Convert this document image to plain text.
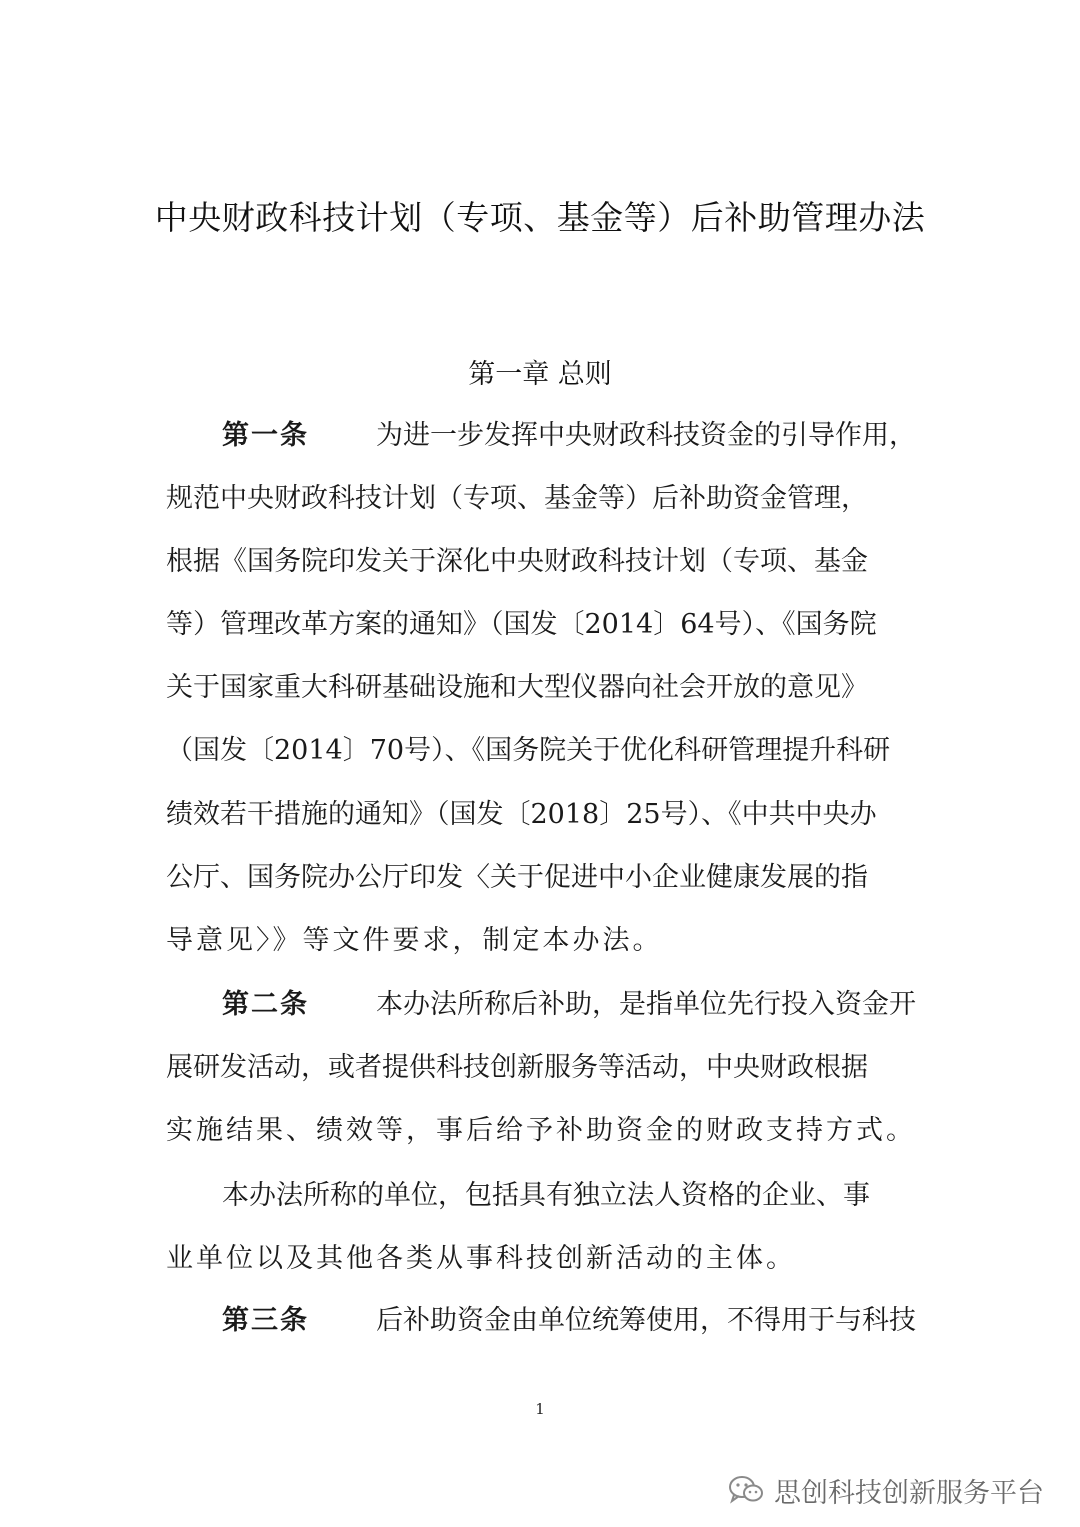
中央财政科技计划（专项、基金等）后补助管理办法
第一章 总则
第一条 为进一步发挥中央财政科技资金的引导作用，
规范中央财政科技计划（专项、基金等）后补助资金管理，
根据《国务院印发关于深化中央财政科技计划（专项、基金
等）管理改革方案的通知》（国发〔2014〕64号）、《国务院
关于国家重大科研基础设施和大型仪器向社会开放的意见》
（国发〔2014〕70号）、《国务院关于优化科研管理提升科研
绩效若干措施的通知》（国发〔2018〕25号）、《中共中央办
公厅、国务院办公厅印发〈关于促进中小企业健康发展的指
导意见〉》等文件要求，制定本办法。
第二条 本办法所称后补助，是指单位先行投入资金开
展研发活动，或者提供科技创新服务等活动，中央财政根据
实施结果、绩效等，事后给予补助资金的财政支持方式。
本办法所称的单位，包括具有独立法人资格的企业、事
业单位以及其他各类从事科技创新活动的主体。
第三条 后补助资金由单位统筹使用，不得用于与科技
1
思创科技创新服务平台
